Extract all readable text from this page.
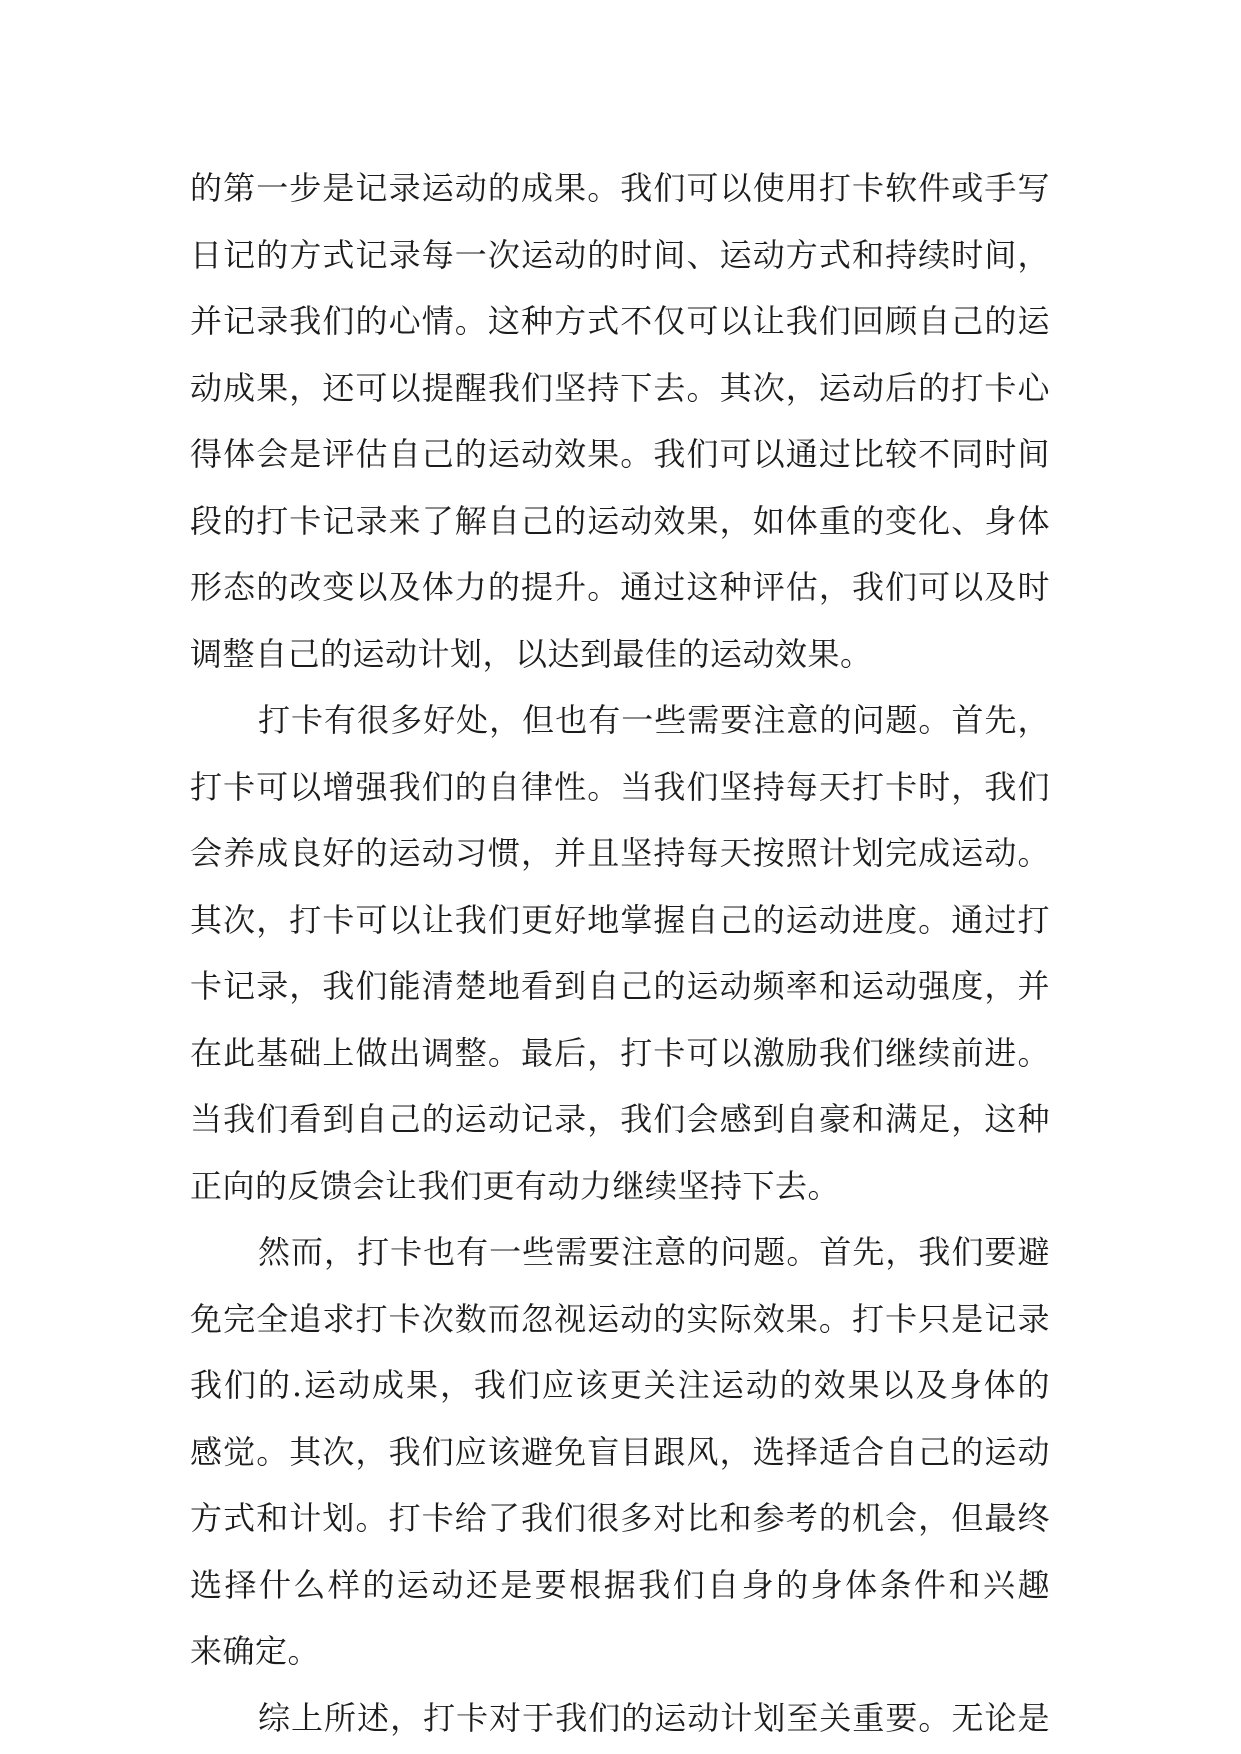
的第一步是记录运动的成果。我们可以使用打卡软件或手写
日记的方式记录每一次运动的时间、运动方式和持续时间，
并记录我们的心情。这种方式不仅可以让我们回顾自己的运
动成果，还可以提醒我们坚持下去。其次，运动后的打卡心
得体会是评估自己的运动效果。我们可以通过比较不同时间
段的打卡记录来了解自己的运动效果，如体重的变化、身体
形态的改变以及体力的提升。通过这种评估，我们可以及时
调整自己的运动计划，以达到最佳的运动效果。
打卡有很多好处，但也有一些需要注意的问题。首先，
打卡可以增强我们的自律性。当我们坚持每天打卡时，我们
会养成良好的运动习惯，并且坚持每天按照计划完成运动。
其次，打卡可以让我们更好地掌握自己的运动进度。通过打
卡记录，我们能清楚地看到自己的运动频率和运动强度，并
在此基础上做出调整。最后，打卡可以激励我们继续前进。
当我们看到自己的运动记录，我们会感到自豪和满足，这种
正向的反馈会让我们更有动力继续坚持下去。
然而，打卡也有一些需要注意的问题。首先，我们要避
免完全追求打卡次数而忽视运动的实际效果。打卡只是记录
我们的.运动成果，我们应该更关注运动的效果以及身体的
感觉。其次，我们应该避免盲目跟风，选择适合自己的运动
方式和计划。打卡给了我们很多对比和参考的机会，但最终
选择什么样的运动还是要根据我们自身的身体条件和兴趣
来确定。
综上所述，打卡对于我们的运动计划至关重要。无论是
